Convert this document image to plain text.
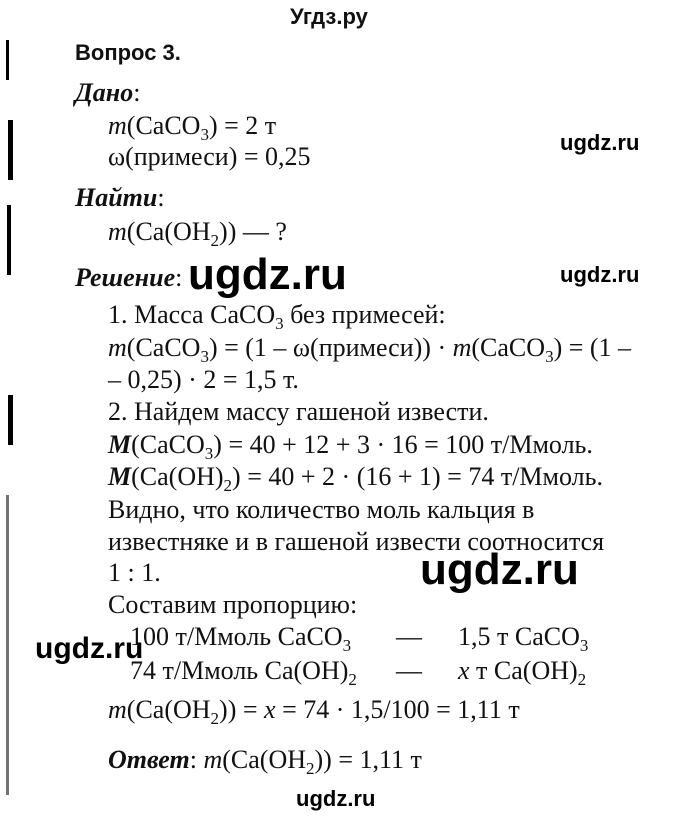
Угдз.ру
Вопрос 3.
Дано:
m(CaCO$_3$) = 2 т
ω(примеси) = 0,25
Найти:
$m(Ca(OH_2))$ — ?
Решение:
1. Масса CaCO$_3$ без примесей:
m(CaCO$_3$) = (1 – ω(примеси)) · m(CaCO$_3$) = (1 –
– 0,25) · 2 = 1,5 т.
2. Найдем массу гашеной извести.
M(CaCO$_3$) = 40 + 12 + 3 · 16 = 100 т/Ммоль.
$M(Ca(OH)_2) = 40 + 2 \cdot (16 + 1) = 74$ т/Ммоль.
Видно, что количество моль кальция в
известняке и в гашеной извести соотносится
1 : 1.
Составим пропорцию:
100 т/Ммоль CaCO$_3$ — 1,5 т CaCO$_3$
74 т/Ммоль $Ca(OH)_2$ — x т $Ca(OH)_2$
$m(Ca(OH_2)) = x = 74 \cdot 1,5/100 = 1,11$ т
Ответ: $m(Ca(OH_2)) = 1,11$ т
ugdz.ru
ugdz.ru
ugdz.ru
ugdz.ru
ugdz.ru
ugdz.ru
